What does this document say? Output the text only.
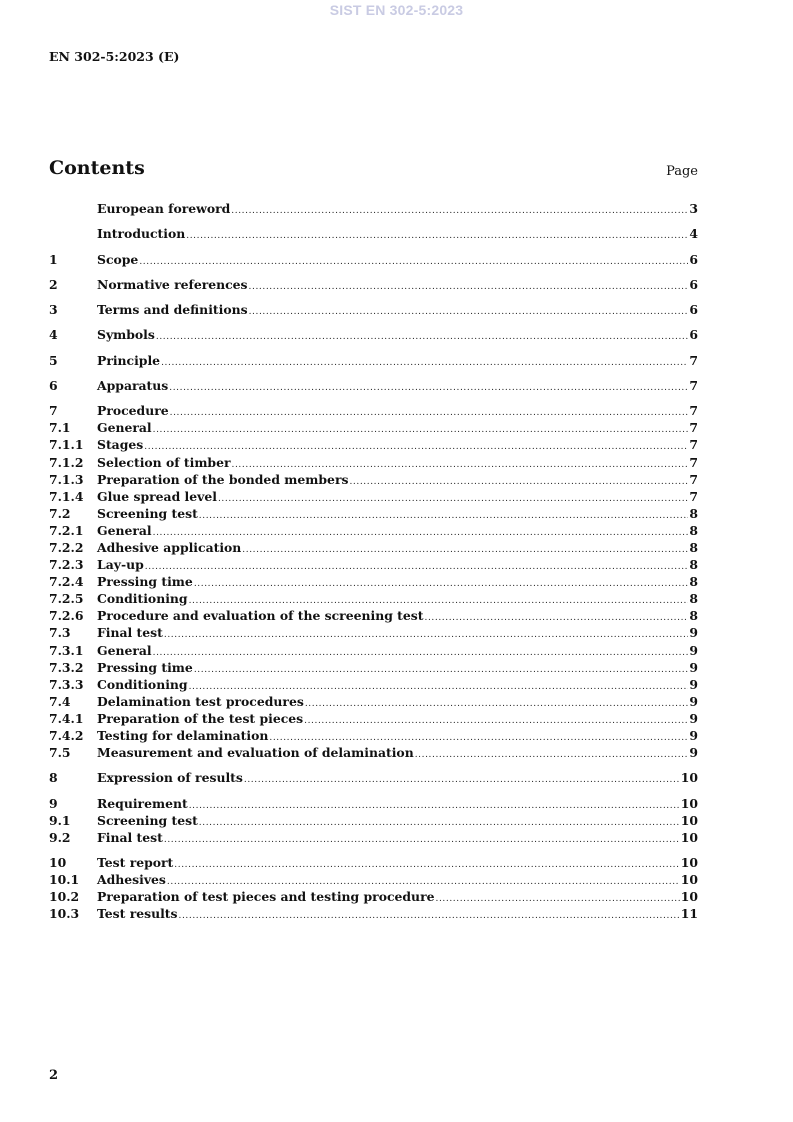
SIST EN 302-5:2023
EN 302-5:2023 (E)
Contents	Page
European foreword .....	3
Introduction .....	4
1	Scope .....	6
2	Normative references .....	6
3	Terms and definitions .....	6
4	Symbols .....	6
5	Principle .....	7
6	Apparatus .....	7
7	Procedure .....	7
7.1	General .....	7
7.1.1	Stages .....	7
7.1.2	Selection of timber .....	7
7.1.3	Preparation of the bonded members .....	7
7.1.4	Glue spread level .....	7
7.2	Screening test .....	8
7.2.1	General .....	8
7.2.2	Adhesive application .....	8
7.2.3	Lay-up .....	8
7.2.4	Pressing time .....	8
7.2.5	Conditioning .....	8
7.2.6	Procedure and evaluation of the screening test .....	8
7.3	Final test .....	9
7.3.1	General .....	9
7.3.2	Pressing time .....	9
7.3.3	Conditioning .....	9
7.4	Delamination test procedures .....	9
7.4.1	Preparation of the test pieces .....	9
7.4.2	Testing for delamination .....	9
7.5	Measurement and evaluation of delamination .....	9
8	Expression of results .....	10
9	Requirement .....	10
9.1	Screening test .....	10
9.2	Final test .....	10
10	Test report .....	10
10.1	Adhesives .....	10
10.2	Preparation of test pieces and testing procedure .....	10
10.3	Test results .....	11
2
